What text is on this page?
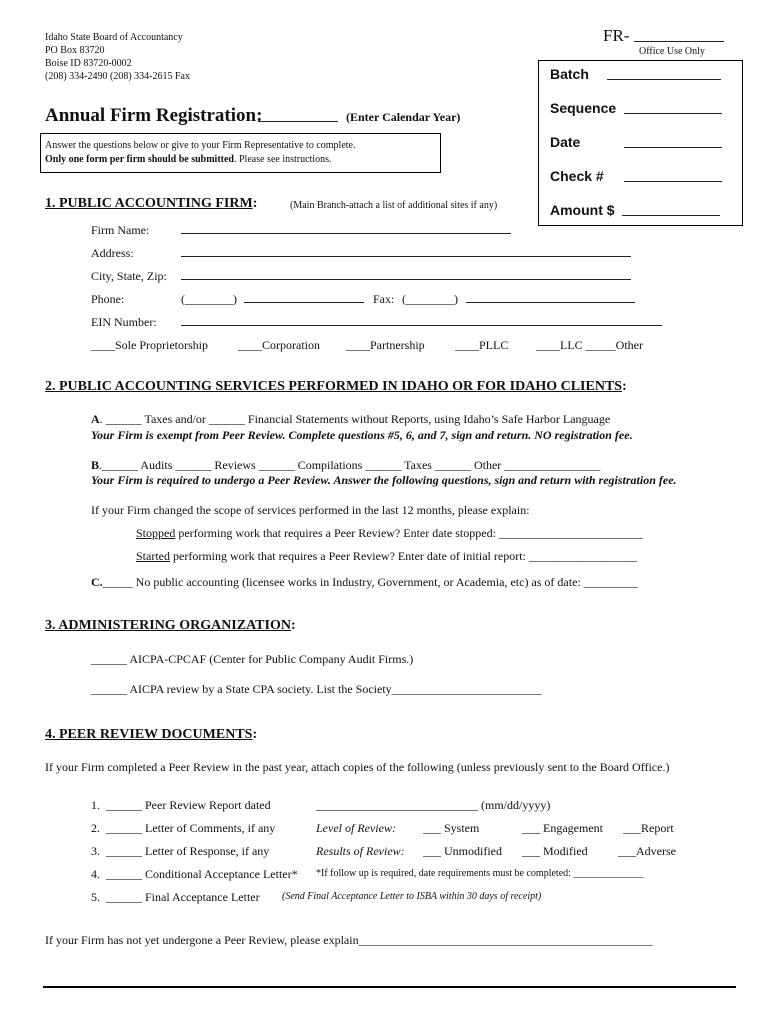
Idaho State Board of Accountancy
PO Box 83720
Boise ID 83720-0002
(208) 334-2490 (208) 334-2615 Fax
FR-
Office Use Only
Batch
Sequence
Date
Check #
Amount $
Annual Firm Registration:	(Enter Calendar Year)
Answer the questions below or give to your Firm Representative to complete.
Only one form per firm should be submitted. Please see instructions.
1. PUBLIC ACCOUNTING FIRM:	(Main Branch-attach a list of additional sites if any)
Firm Name:
Address:
City, State, Zip:
Phone:	(________)	Fax: (________)
EIN Number:
____Sole Proprietorship	____Corporation ____Partnership	____PLLC ____LLC _____Other
2. PUBLIC ACCOUNTING SERVICES PERFORMED IN IDAHO OR FOR IDAHO CLIENTS:
A. ______ Taxes and/or ______ Financial Statements without Reports, using Idaho’s Safe Harbor Language
Your Firm is exempt from Peer Review. Complete questions #5, 6, and 7, sign and return. NO registration fee.
B.______ Audits ______ Reviews ______ Compilations ______ Taxes ______ Other ________________
Your Firm is required to undergo a Peer Review. Answer the following questions, sign and return with registration fee.
If your Firm changed the scope of services performed in the last 12 months, please explain:
Stopped performing work that requires a Peer Review? Enter date stopped: ________________________
Started performing work that requires a Peer Review? Enter date of initial report: __________________
C._____ No public accounting (licensee works in Industry, Government, or Academia, etc) as of date: _________
3. ADMINISTERING ORGANIZATION:
______ AICPA-CPCAF (Center for Public Company Audit Firms.)
______ AICPA review by a State CPA society. List the Society_________________________
4. PEER REVIEW DOCUMENTS:
If your Firm completed a Peer Review in the past year, attach copies of the following (unless previously sent to the Board Office.)
1. ______ Peer Review Report dated	___________________________ (mm/dd/yyyy)
2. ______ Letter of Comments, if any	Level of Review: ___ System	___ Engagement ___Report
3. ______ Letter of Response, if any	Results of Review: ___ Unmodified ___ Modified	___Adverse
4. ______ Conditional Acceptance Letter* *If follow up is required, date requirements must be completed: ______________
5. ______ Final Acceptance Letter (Send Final Acceptance Letter to ISBA within 30 days of receipt)
If your Firm has not yet undergone a Peer Review, please explain_________________________________________________
